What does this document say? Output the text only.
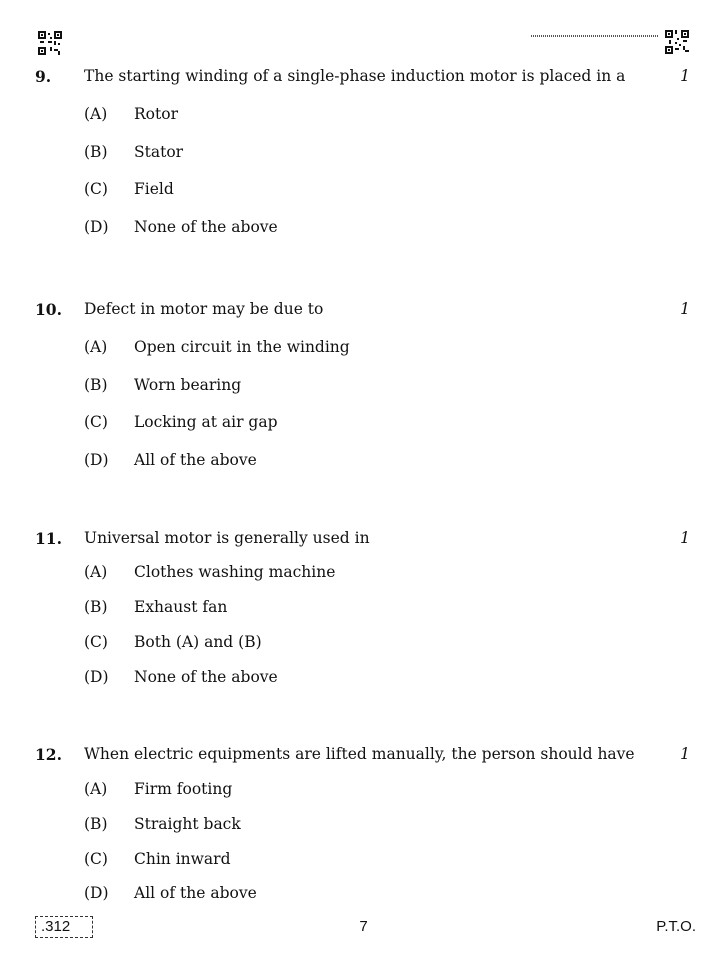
9. The starting winding of a single-phase induction motor is placed in a	1
(A) Rotor
(B) Stator
(C) Field
(D) None of the above
10. Defect in motor may be due to	1
(A) Open circuit in the winding
(B) Worn bearing
(C) Locking at air gap
(D) All of the above
11. Universal motor is generally used in	1
(A) Clothes washing machine
(B) Exhaust fan
(C) Both (A) and (B)
(D) None of the above
12. When electric equipments are lifted manually, the person should have	1
(A) Firm footing
(B) Straight back
(C) Chin inward
(D) All of the above
.312	7	P.T.O.
